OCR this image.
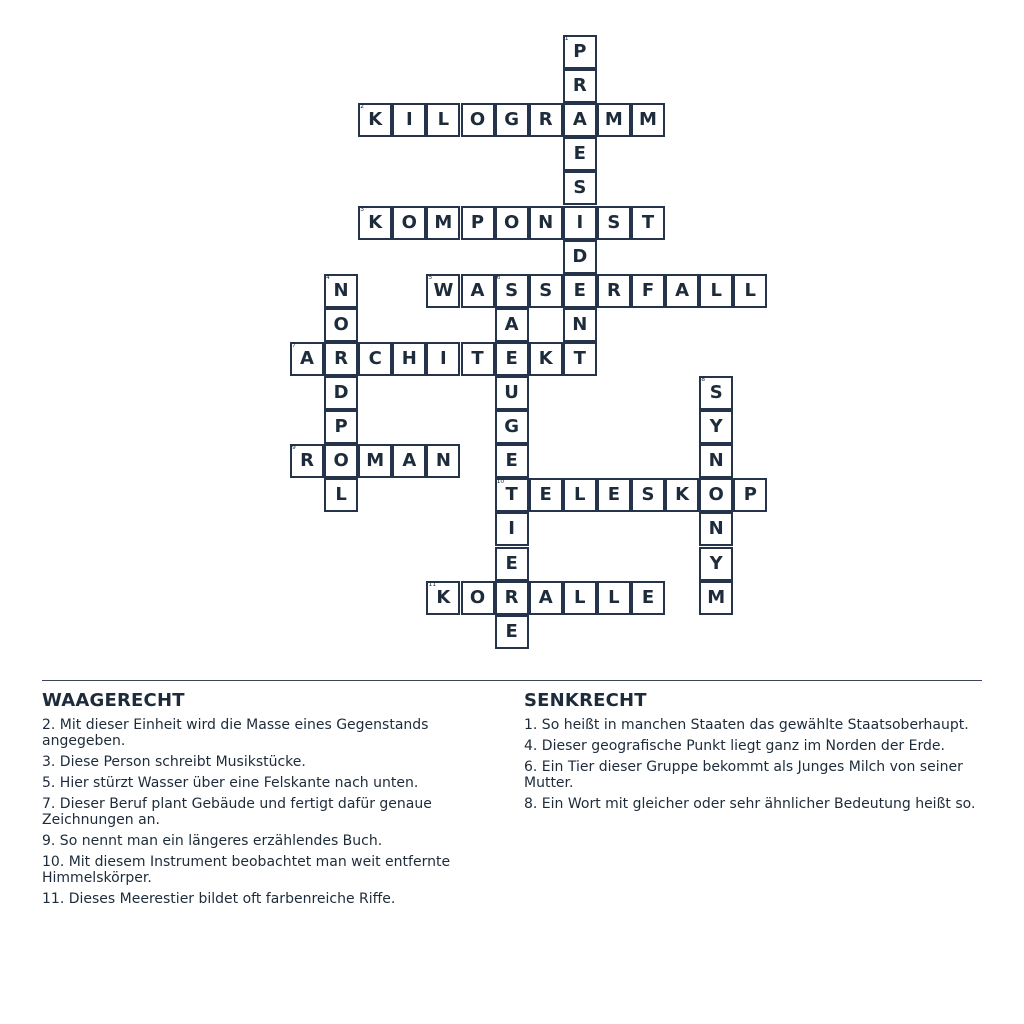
P
R
A
E
S
I
D
E
N
T
K I L O G R	M M
K O M P O N	S T
N
O
R
D
P
O
L
W A S S	R F A L L
A
E
U
G
E
T
I
E
R
E
A	C H I T	K
S
Y
N
O
N
Y
M
R	M A N
E L E S K	P
K O	A L L E
1
2
3
4	5	6
7
8
9
10
11
WAAGERECHT
2. Mit dieser Einheit wird die Masse eines Gegenstands angegeben.
3. Diese Person schreibt Musikstücke.
5. Hier stürzt Wasser über eine Felskante nach unten.
7. Dieser Beruf plant Gebäude und fertigt dafür genaue Zeichnungen an.
9. So nennt man ein längeres erzählendes Buch.
10. Mit diesem Instrument beobachtet man weit entfernte Himmelskörper.
11. Dieses Meerestier bildet oft farbenreiche Riffe.
SENKRECHT
1. So heißt in manchen Staaten das gewählte Staatsoberhaupt.
4. Dieser geografische Punkt liegt ganz im Norden der Erde.
6. Ein Tier dieser Gruppe bekommt als Junges Milch von seiner Mutter.
8. Ein Wort mit gleicher oder sehr ähnlicher Bedeutung heißt so.
